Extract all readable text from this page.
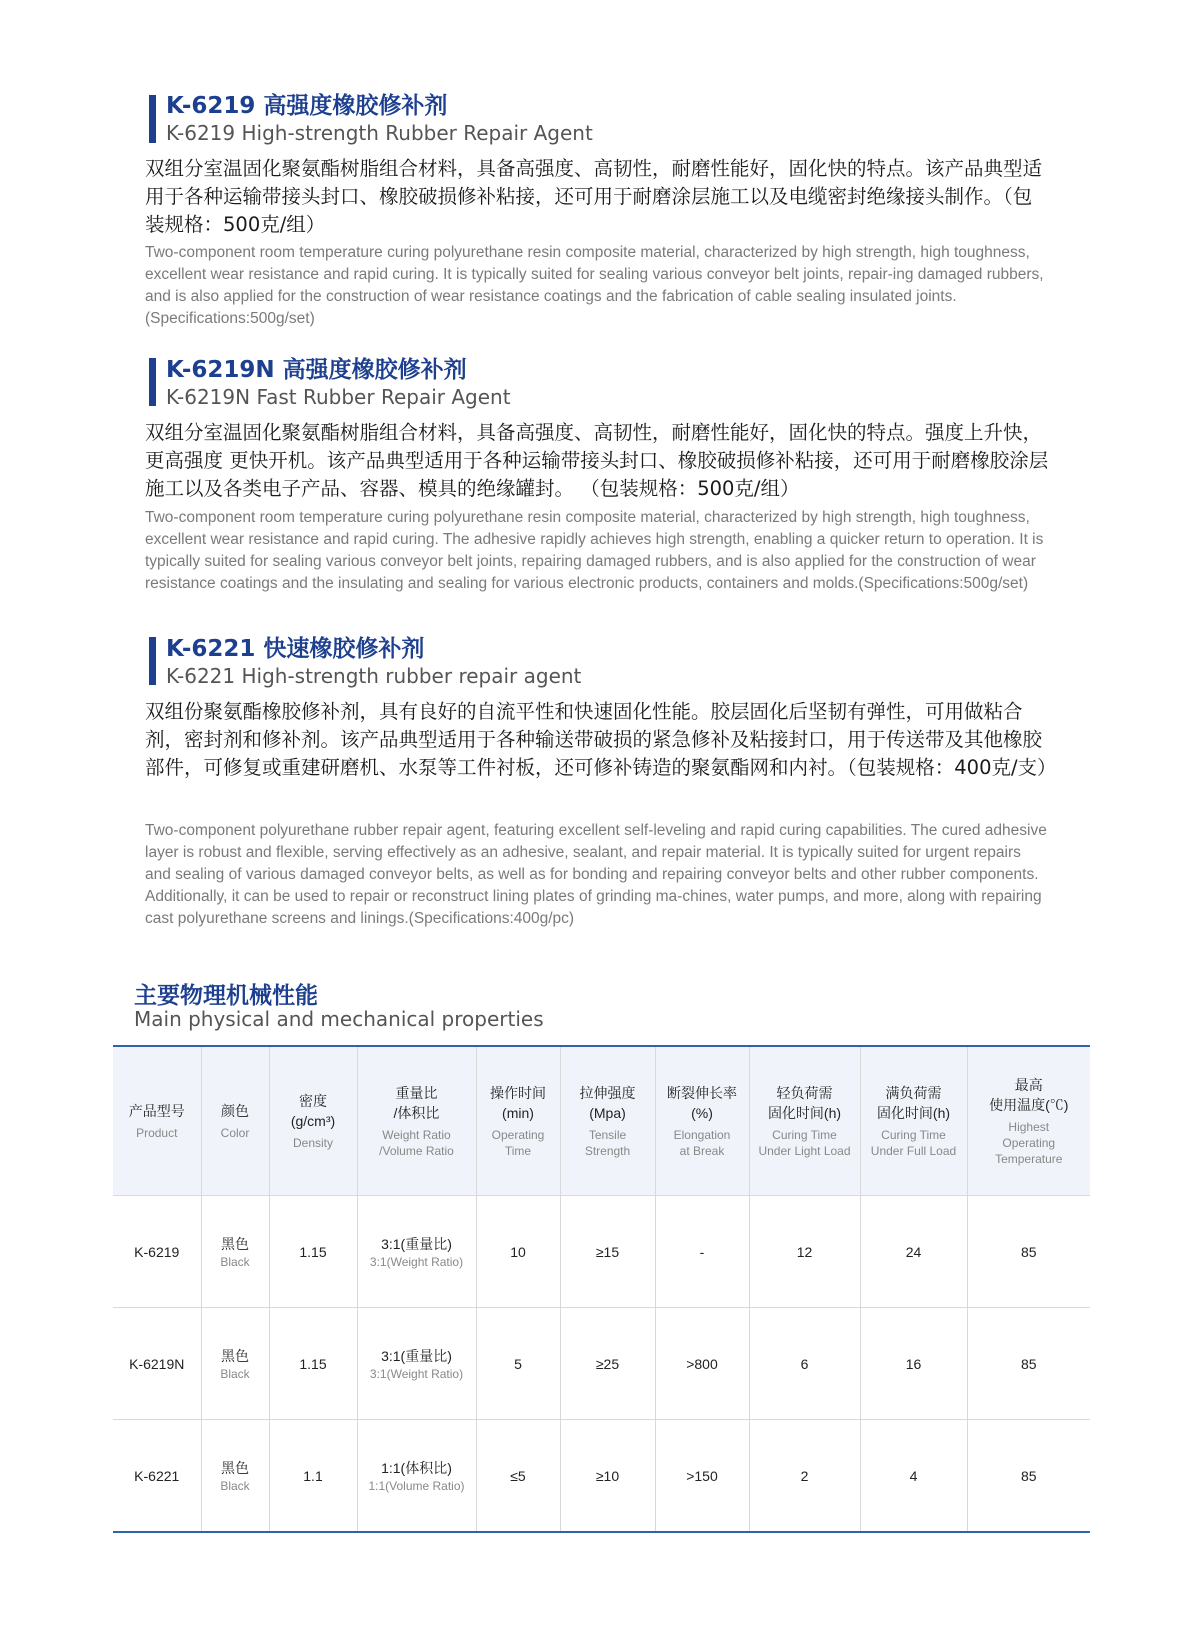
K-6219 高强度橡胶修补剂
K-6219 High-strength Rubber Repair Agent
双组分室温固化聚氨酯树脂组合材料，具备高强度、高韧性，耐磨性能好，固化快的特点。该产品典型适用于各种运输带接头封口、橡胶破损修补粘接，还可用于耐磨涂层施工以及电缆密封绝缘接头制作。（包装规格：500克/组）
Two-component room temperature curing polyurethane resin composite material, characterized by high strength, high toughness, excellent wear resistance and rapid curing. It is typically suited for sealing various conveyor belt joints, repair-ing damaged rubbers, and is also applied for the construction of wear resistance coatings and the fabrication of cable sealing insulated joints.(Specifications:500g/set)
K-6219N 高强度橡胶修补剂
K-6219N Fast Rubber Repair Agent
双组分室温固化聚氨酯树脂组合材料，具备高强度、高韧性，耐磨性能好，固化快的特点。强度上升快，更高强度 更快开机。该产品典型适用于各种运输带接头封口、橡胶破损修补粘接，还可用于耐磨橡胶涂层施工以及各类电子产品、容器、模具的绝缘罐封。 （包装规格：500克/组）
Two-component room temperature curing polyurethane resin composite material, characterized by high strength, high toughness, excellent wear resistance and rapid curing. The adhesive rapidly achieves high strength, enabling a quicker return to operation. It is typically suited for sealing various conveyor belt joints, repairing damaged rubbers, and is also applied for the construction of wear resistance coatings and the insulating and sealing for various electronic products, containers and molds.(Specifications:500g/set)
K-6221 快速橡胶修补剂
K-6221 High-strength rubber repair agent
双组份聚氨酯橡胶修补剂，具有良好的自流平性和快速固化性能。胶层固化后坚韧有弹性，可用做粘合剂，密封剂和修补剂。该产品典型适用于各种输送带破损的紧急修补及粘接封口，用于传送带及其他橡胶部件，可修复或重建研磨机、水泵等工件衬板，还可修补铸造的聚氨酯网和内衬。（包装规格：400克/支）
Two-component polyurethane rubber repair agent, featuring excellent self-leveling and rapid curing capabilities. The cured adhesive layer is robust and flexible, serving effectively as an adhesive, sealant, and repair material. It is typically suited for urgent repairs and sealing of various damaged conveyor belts, as well as for bonding and repairing conveyor belts and other rubber components. Additionally, it can be used to repair or reconstruct lining plates of grinding ma-chines, water pumps, and more, along with repairing cast polyurethane screens and linings.(Specifications:400g/pc)
主要物理机械性能
Main physical and mechanical properties
产品型号
Product	颜色
Color	密度
(g/cm³)
Density	重量比
/体积比
Weight Ratio
/Volume Ratio	操作时间
(min)
Operating
Time	拉伸强度
(Mpa)
Tensile
Strength	断裂伸长率
(%)
Elongation
at Break	轻负荷需
固化时间(h)
Curing Time
Under Light Load	满负荷需
固化时间(h)
Curing Time
Under Full Load	最高
使用温度(℃)
Highest
Operating
Temperature

K-6219	黑色
Black	1.15	3:1(重量比)
3:1(Weight Ratio)	10	≥15	-	12	24	85
K-6219N	黑色
Black	1.15	3:1(重量比)
3:1(Weight Ratio)	5	≥25	>800	6	16	85
K-6221	黑色
Black	1.1	1:1(体积比)
1:1(Volume Ratio)	≤5	≥10	>150	2	4	85
